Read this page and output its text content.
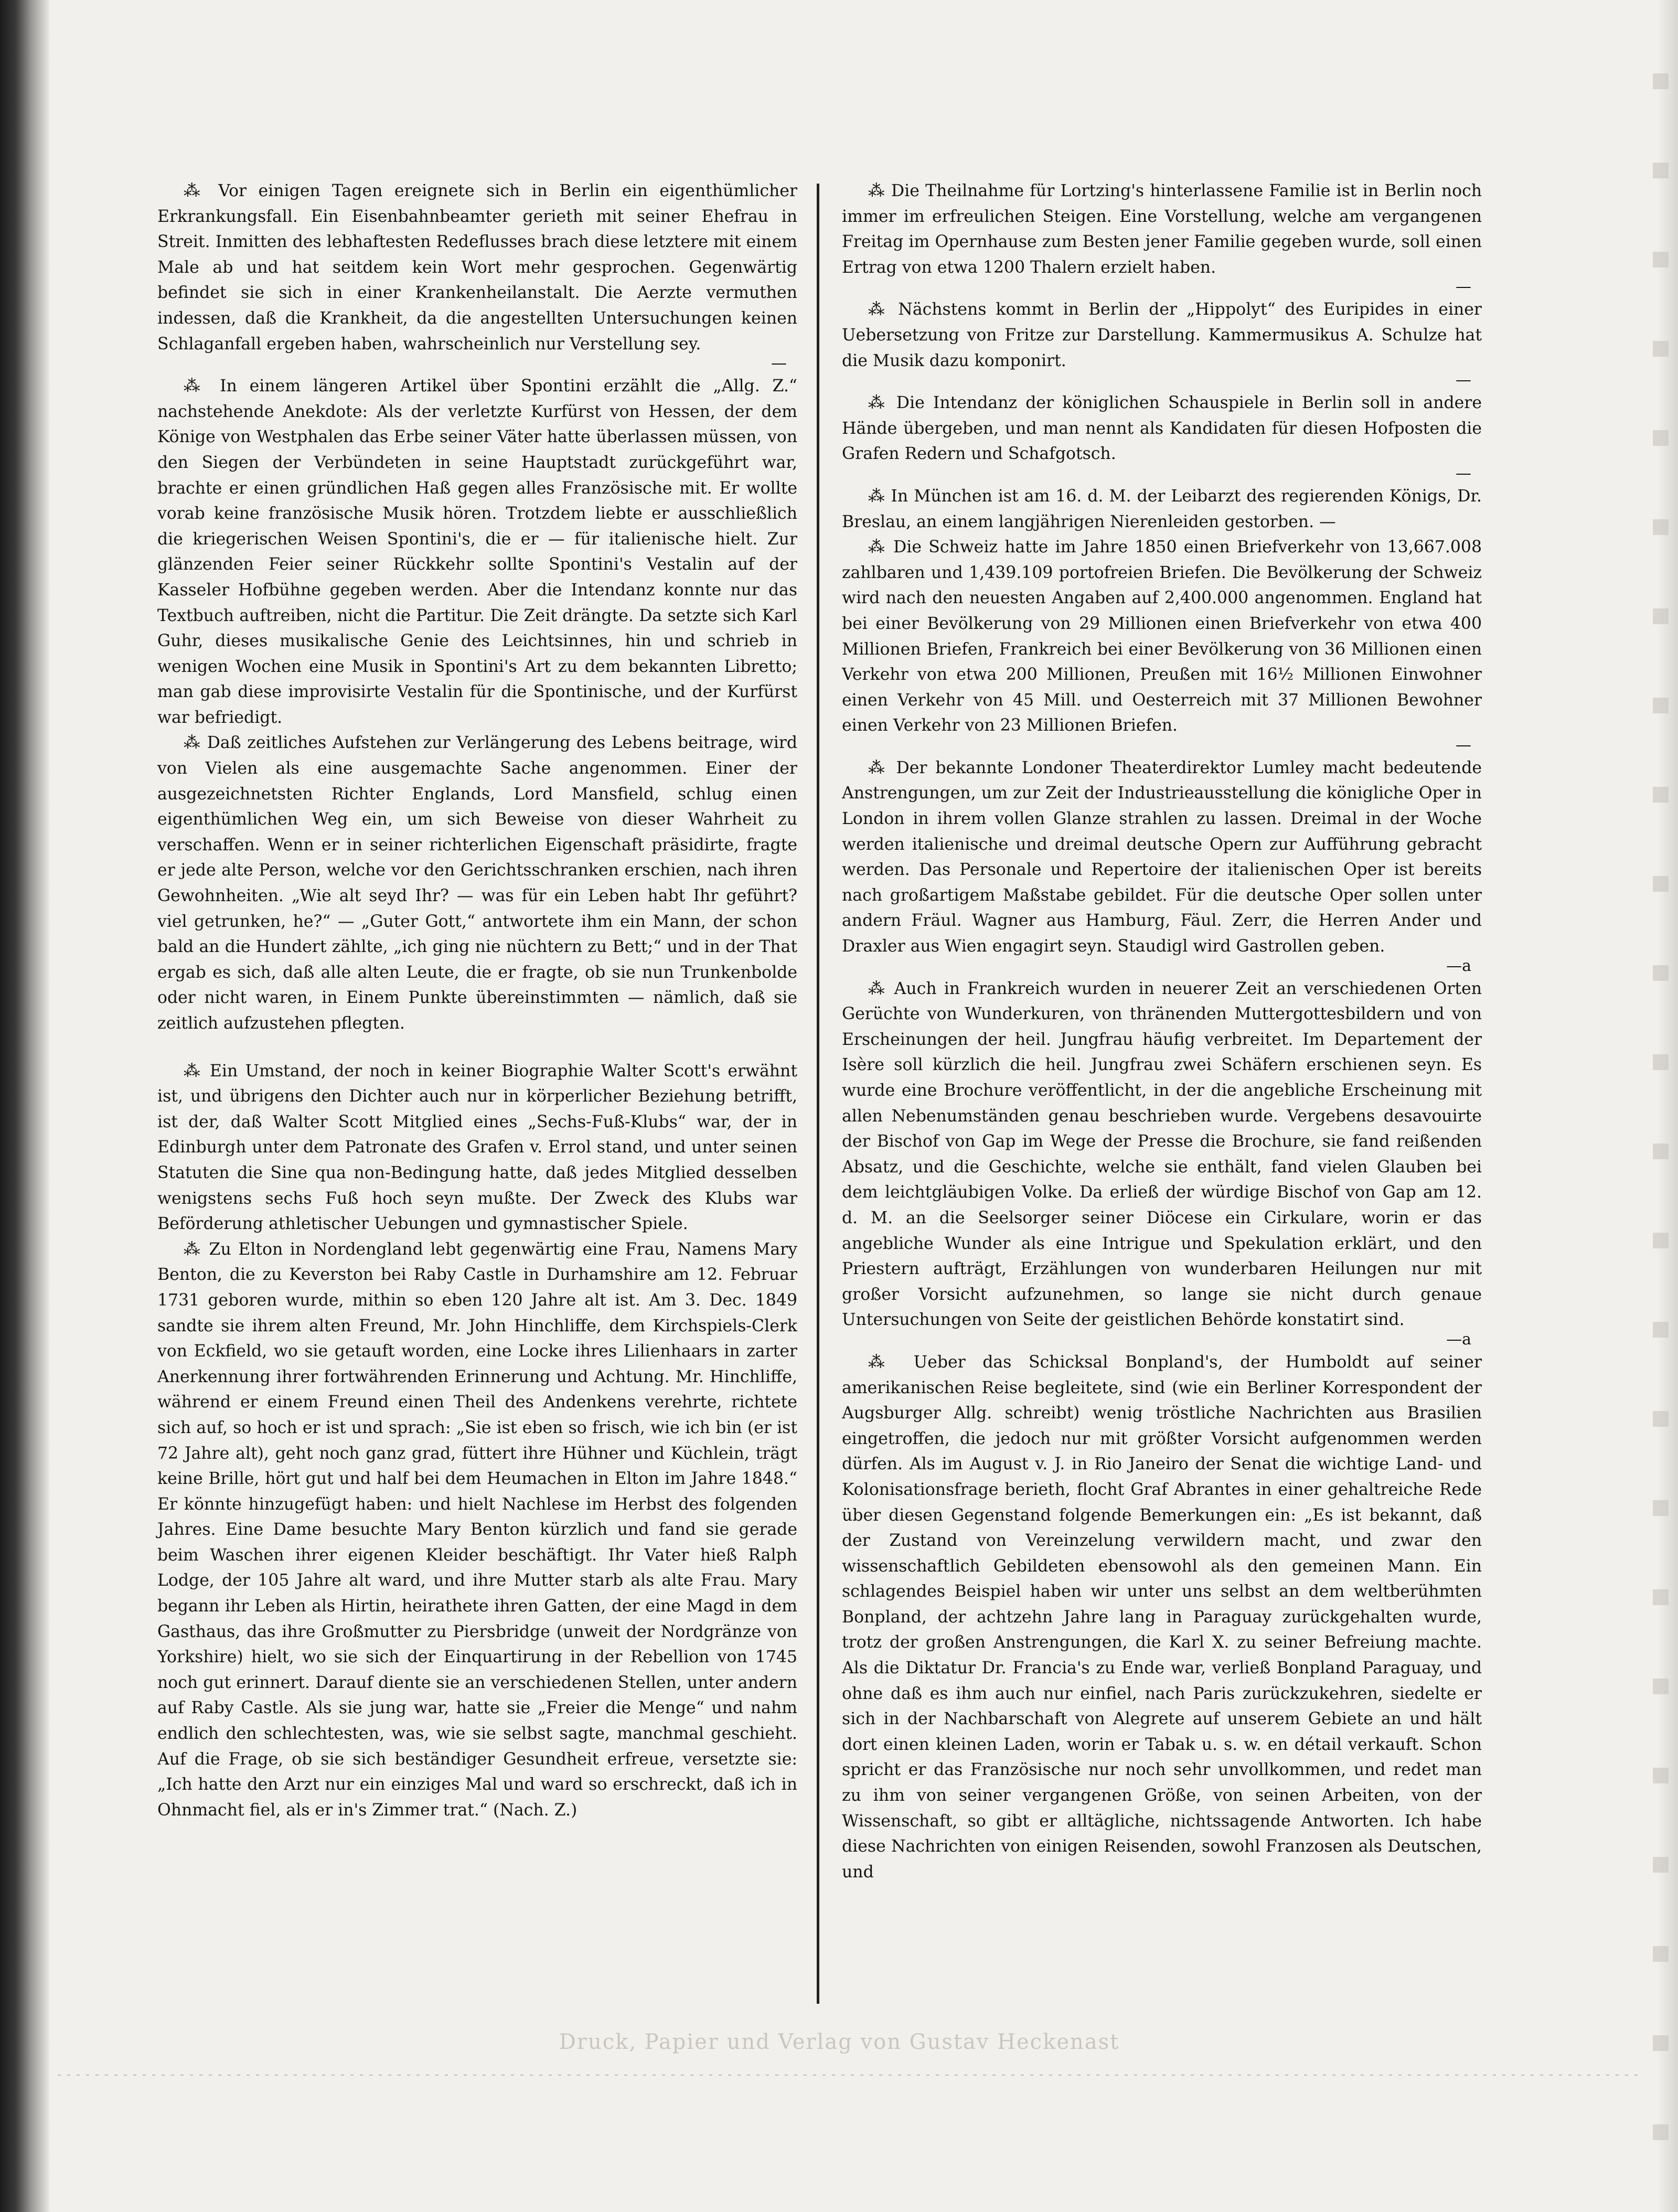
⁂ Vor einigen Tagen ereignete sich in Berlin ein eigenthümlicher Erkrankungsfall. Ein Eisenbahnbeamter gerieth mit seiner Ehefrau in Streit. Inmitten des lebhaftesten Redeflusses brach diese letztere mit einem Male ab und hat seitdem kein Wort mehr gesprochen. Gegenwärtig befindet sie sich in einer Krankenheilanstalt. Die Aerzte vermuthen indessen, daß die Krankheit, da die angestellten Untersuchungen keinen Schlaganfall ergeben haben, wahrscheinlich nur Verstellung sey.

—

⁂ In einem längeren Artikel über Spontini erzählt die „Allg. Z.“ nachstehende Anekdote: Als der verletzte Kurfürst von Hessen, der dem Könige von Westphalen das Erbe seiner Väter hatte überlassen müssen, von den Siegen der Verbündeten in seine Hauptstadt zurückgeführt war, brachte er einen gründlichen Haß gegen alles Französische mit. Er wollte vorab keine französische Musik hören. Trotzdem liebte er ausschließlich die kriegerischen Weisen Spontini's, die er — für italienische hielt. Zur glänzenden Feier seiner Rückkehr sollte Spontini's Vestalin auf der Kasseler Hofbühne gegeben werden. Aber die Intendanz konnte nur das Textbuch auftreiben, nicht die Partitur. Die Zeit drängte. Da setzte sich Karl Guhr, dieses musikalische Genie des Leichtsinnes, hin und schrieb in wenigen Wochen eine Musik in Spontini's Art zu dem bekannten Libretto; man gab diese improvisirte Vestalin für die Spontinische, und der Kurfürst war befriedigt.

⁂ Daß zeitliches Aufstehen zur Verlängerung des Lebens beitrage, wird von Vielen als eine ausgemachte Sache angenommen. Einer der ausgezeichnetsten Richter Englands, Lord Mansfield, schlug einen eigenthümlichen Weg ein, um sich Beweise von dieser Wahrheit zu verschaffen. Wenn er in seiner richterlichen Eigenschaft präsidirte, fragte er jede alte Person, welche vor den Gerichtsschranken erschien, nach ihren Gewohnheiten. „Wie alt seyd Ihr? — was für ein Leben habt Ihr geführt? viel getrunken, he?“ — „Guter Gott,“ antwortete ihm ein Mann, der schon bald an die Hundert zählte, „ich ging nie nüchtern zu Bett;“ und in der That ergab es sich, daß alle alten Leute, die er fragte, ob sie nun Trunkenbolde oder nicht waren, in Einem Punkte übereinstimmten — nämlich, daß sie zeitlich aufzustehen pflegten.

⁂ Ein Umstand, der noch in keiner Biographie Walter Scott's erwähnt ist, und übrigens den Dichter auch nur in körperlicher Beziehung betrifft, ist der, daß Walter Scott Mitglied eines „Sechs-Fuß-Klubs“ war, der in Edinburgh unter dem Patronate des Grafen v. Errol stand, und unter seinen Statuten die Sine qua non-Bedingung hatte, daß jedes Mitglied desselben wenigstens sechs Fuß hoch seyn mußte. Der Zweck des Klubs war Beförderung athletischer Uebungen und gymnastischer Spiele.

⁂ Zu Elton in Nordengland lebt gegenwärtig eine Frau, Namens Mary Benton, die zu Keverston bei Raby Castle in Durhamshire am 12. Februar 1731 geboren wurde, mithin so eben 120 Jahre alt ist. Am 3. Dec. 1849 sandte sie ihrem alten Freund, Mr. John Hinchliffe, dem Kirchspiels-Clerk von Eckfield, wo sie getauft worden, eine Locke ihres Lilienhaars in zarter Anerkennung ihrer fortwährenden Erinnerung und Achtung. Mr. Hinchliffe, während er einem Freund einen Theil des Andenkens verehrte, richtete sich auf, so hoch er ist und sprach: „Sie ist eben so frisch, wie ich bin (er ist 72 Jahre alt), geht noch ganz grad, füttert ihre Hühner und Küchlein, trägt keine Brille, hört gut und half bei dem Heumachen in Elton im Jahre 1848.“ Er könnte hinzugefügt haben: und hielt Nachlese im Herbst des folgenden Jahres. Eine Dame besuchte Mary Benton kürzlich und fand sie gerade beim Waschen ihrer eigenen Kleider beschäftigt. Ihr Vater hieß Ralph Lodge, der 105 Jahre alt ward, und ihre Mutter starb als alte Frau. Mary begann ihr Leben als Hirtin, heirathete ihren Gatten, der eine Magd in dem Gasthaus, das ihre Großmutter zu Piersbridge (unweit der Nordgränze von Yorkshire) hielt, wo sie sich der Einquartirung in der Rebellion von 1745 noch gut erinnert. Darauf diente sie an verschiedenen Stellen, unter andern auf Raby Castle. Als sie jung war, hatte sie „Freier die Menge“ und nahm endlich den schlechtesten, was, wie sie selbst sagte, manchmal geschieht. Auf die Frage, ob sie sich beständiger Gesundheit erfreue, versetzte sie: „Ich hatte den Arzt nur ein einziges Mal und ward so erschreckt, daß ich in Ohnmacht fiel, als er in's Zimmer trat.“ (Nach. Z.)

⁂ Die Theilnahme für Lortzing's hinterlassene Familie ist in Berlin noch immer im erfreulichen Steigen. Eine Vorstellung, welche am vergangenen Freitag im Opernhause zum Besten jener Familie gegeben wurde, soll einen Ertrag von etwa 1200 Thalern erzielt haben.

—

⁂ Nächstens kommt in Berlin der „Hippolyt“ des Euripides in einer Uebersetzung von Fritze zur Darstellung. Kammermusikus A. Schulze hat die Musik dazu komponirt.

—

⁂ Die Intendanz der königlichen Schauspiele in Berlin soll in andere Hände übergeben, und man nennt als Kandidaten für diesen Hofposten die Grafen Redern und Schafgotsch.

—

⁂ In München ist am 16. d. M. der Leibarzt des regierenden Königs, Dr. Breslau, an einem langjährigen Nierenleiden gestorben. —

⁂ Die Schweiz hatte im Jahre 1850 einen Briefverkehr von 13,667.008 zahlbaren und 1,439.109 portofreien Briefen. Die Bevölkerung der Schweiz wird nach den neuesten Angaben auf 2,400.000 angenommen. England hat bei einer Bevölkerung von 29 Millionen einen Briefverkehr von etwa 400 Millionen Briefen, Frankreich bei einer Bevölkerung von 36 Millionen einen Verkehr von etwa 200 Millionen, Preußen mit 16½ Millionen Einwohner einen Verkehr von 45 Mill. und Oesterreich mit 37 Millionen Bewohner einen Verkehr von 23 Millionen Briefen.

—

⁂ Der bekannte Londoner Theaterdirektor Lumley macht bedeutende Anstrengungen, um zur Zeit der Industrieausstellung die königliche Oper in London in ihrem vollen Glanze strahlen zu lassen. Dreimal in der Woche werden italienische und dreimal deutsche Opern zur Aufführung gebracht werden. Das Personale und Repertoire der italienischen Oper ist bereits nach großartigem Maßstabe gebildet. Für die deutsche Oper sollen unter andern Fräul. Wagner aus Hamburg, Fäul. Zerr, die Herren Ander und Draxler aus Wien engagirt seyn. Staudigl wird Gastrollen geben.

—a

⁂ Auch in Frankreich wurden in neuerer Zeit an verschiedenen Orten Gerüchte von Wunderkuren, von thränenden Muttergottesbildern und von Erscheinungen der heil. Jungfrau häufig verbreitet. Im Departement der Isère soll kürzlich die heil. Jungfrau zwei Schäfern erschienen seyn. Es wurde eine Brochure veröffentlicht, in der die angebliche Erscheinung mit allen Nebenumständen genau beschrieben wurde. Vergebens desavouirte der Bischof von Gap im Wege der Presse die Brochure, sie fand reißenden Absatz, und die Geschichte, welche sie enthält, fand vielen Glauben bei dem leichtgläubigen Volke. Da erließ der würdige Bischof von Gap am 12. d. M. an die Seelsorger seiner Diöcese ein Cirkulare, worin er das angebliche Wunder als eine Intrigue und Spekulation erklärt, und den Priestern aufträgt, Erzählungen von wunderbaren Heilungen nur mit großer Vorsicht aufzunehmen, so lange sie nicht durch genaue Untersuchungen von Seite der geistlichen Behörde konstatirt sind.

—a

⁂ Ueber das Schicksal Bonpland's, der Humboldt auf seiner amerikanischen Reise begleitete, sind (wie ein Berliner Korrespondent der Augsburger Allg. schreibt) wenig tröstliche Nachrichten aus Brasilien eingetroffen, die jedoch nur mit größter Vorsicht aufgenommen werden dürfen. Als im August v. J. in Rio Janeiro der Senat die wichtige Land- und Kolonisationsfrage berieth, flocht Graf Abrantes in einer gehaltreiche Rede über diesen Gegenstand folgende Bemerkungen ein: „Es ist bekannt, daß der Zustand von Vereinzelung verwildern macht, und zwar den wissenschaftlich Gebildeten ebensowohl als den gemeinen Mann. Ein schlagendes Beispiel haben wir unter uns selbst an dem weltberühmten Bonpland, der achtzehn Jahre lang in Paraguay zurückgehalten wurde, trotz der großen Anstrengungen, die Karl X. zu seiner Befreiung machte. Als die Diktatur Dr. Francia's zu Ende war, verließ Bonpland Paraguay, und ohne daß es ihm auch nur einfiel, nach Paris zurückzukehren, siedelte er sich in der Nachbarschaft von Alegrete auf unserem Gebiete an und hält dort einen kleinen Laden, worin er Tabak u. s. w. en détail verkauft. Schon spricht er das Französische nur noch sehr unvollkommen, und redet man zu ihm von seiner vergangenen Größe, von seinen Arbeiten, von der Wissenschaft, so gibt er alltägliche, nichtssagende Antworten. Ich habe diese Nachrichten von einigen Reisenden, sowohl Franzosen als Deutschen, und

Druck, Papier und Verlag von Gustav Heckenast
